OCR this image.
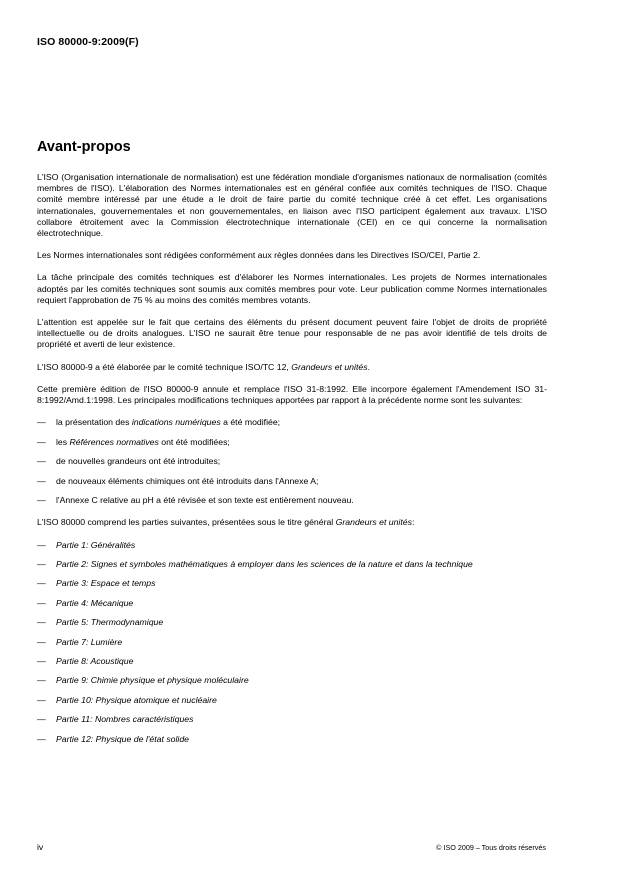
ISO 80000-9:2009(F)
Avant-propos

L'ISO (Organisation internationale de normalisation) est une fédération mondiale d'organismes nationaux de normalisation (comités membres de l'ISO). L'élaboration des Normes internationales est en général confiée aux comités techniques de l'ISO. Chaque comité membre intéressé par une étude a le droit de faire partie du comité technique créé à cet effet. Les organisations internationales, gouvernementales et non gouvernementales, en liaison avec l'ISO participent également aux travaux. L'ISO collabore étroitement avec la Commission électrotechnique internationale (CEI) en ce qui concerne la normalisation électrotechnique.

Les Normes internationales sont rédigées conformément aux règles données dans les Directives ISO/CEI, Partie 2.

La tâche principale des comités techniques est d'élaborer les Normes internationales. Les projets de Normes internationales adoptés par les comités techniques sont soumis aux comités membres pour vote. Leur publication comme Normes internationales requiert l'approbation de 75 % au moins des comités membres votants.

L'attention est appelée sur le fait que certains des éléments du présent document peuvent faire l'objet de droits de propriété intellectuelle ou de droits analogues. L'ISO ne saurait être tenue pour responsable de ne pas avoir identifié de tels droits de propriété et averti de leur existence.

L'ISO 80000-9 a été élaborée par le comité technique ISO/TC 12, Grandeurs et unités.

Cette première édition de l'ISO 80000-9 annule et remplace l'ISO 31-8:1992. Elle incorpore également l'Amendement ISO 31-8:1992/Amd.1:1998. Les principales modifications techniques apportées par rapport à la précédente norme sont les suivantes:

— la présentation des indications numériques a été modifiée;
— les Références normatives ont été modifiées;
— de nouvelles grandeurs ont été introduites;
— de nouveaux éléments chimiques ont été introduits dans l'Annexe A;
— l'Annexe C relative au pH a été révisée et son texte est entièrement nouveau.

L'ISO 80000 comprend les parties suivantes, présentées sous le titre général Grandeurs et unités:

— Partie 1: Généralités
— Partie 2: Signes et symboles mathématiques à employer dans les sciences de la nature et dans la technique
— Partie 3: Espace et temps
— Partie 4: Mécanique
— Partie 5: Thermodynamique
— Partie 7: Lumière
— Partie 8: Acoustique
— Partie 9: Chimie physique et physique moléculaire
— Partie 10: Physique atomique et nucléaire
— Partie 11: Nombres caractéristiques
— Partie 12: Physique de l'état solide
iv	© ISO 2009 – Tous droits réservés
